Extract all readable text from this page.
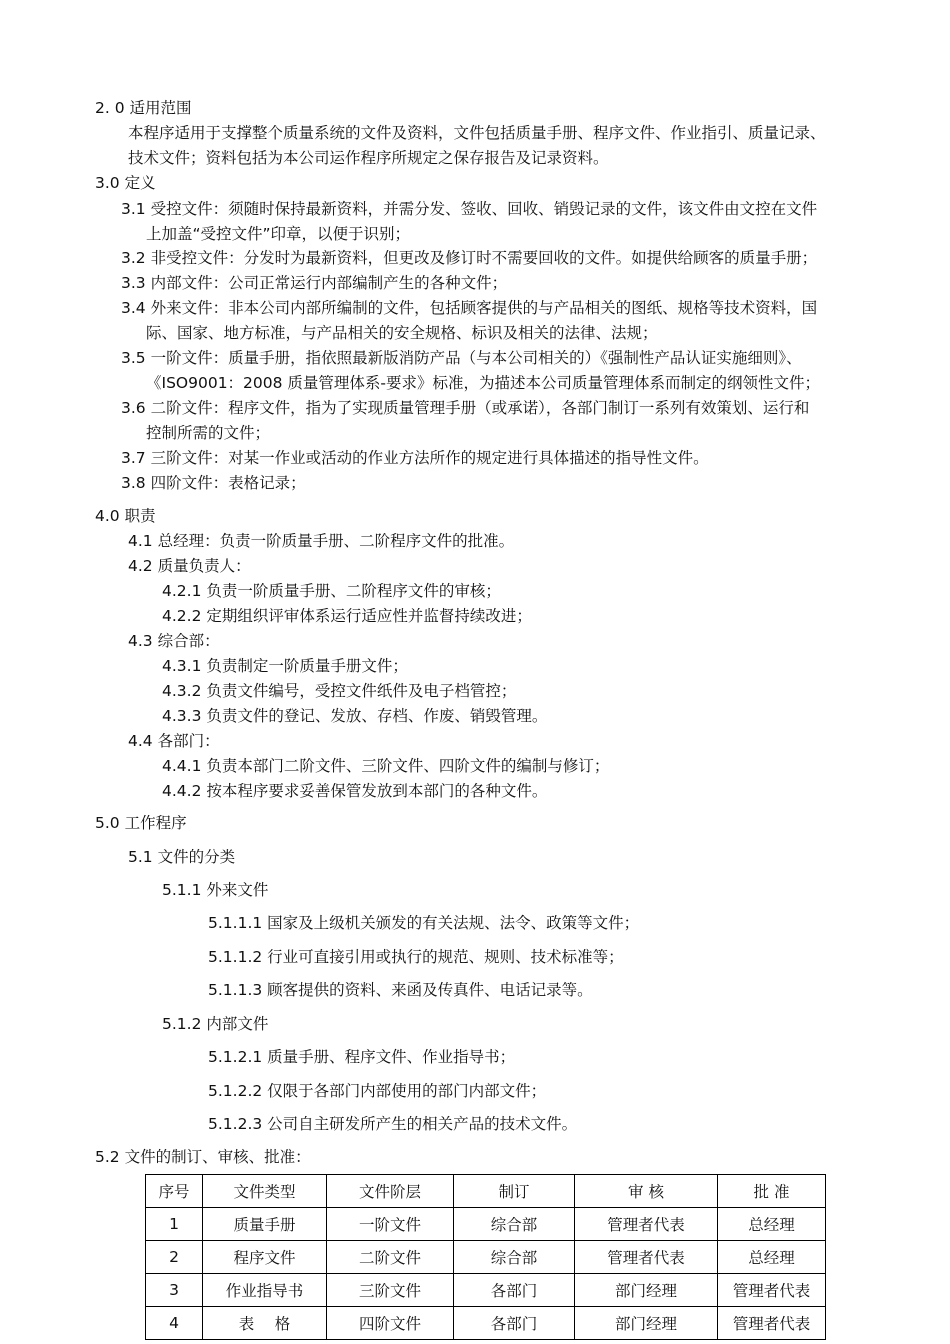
2. 0 适用范围
本程序适用于支撑整个质量系统的文件及资料，文件包括质量手册、程序文件、作业指引、质量记录、
技术文件；资料包括为本公司运作程序所规定之保存报告及记录资料。
3.0 定义
3.1 受控文件：须随时保持最新资料，并需分发、签收、回收、销毁记录的文件，该文件由文控在文件
上加盖“受控文件”印章，以便于识别；
3.2 非受控文件：分发时为最新资料，但更改及修订时不需要回收的文件。如提供给顾客的质量手册；
3.3 内部文件：公司正常运行内部编制产生的各种文件；
3.4 外来文件：非本公司内部所编制的文件，包括顾客提供的与产品相关的图纸、规格等技术资料，国
际、国家、地方标准，与产品相关的安全规格、标识及相关的法律、法规；
3.5 一阶文件：质量手册，指依照最新版消防产品（与本公司相关的）《强制性产品认证实施细则》、
《ISO9001：2008 质量管理体系-要求》标准，为描述本公司质量管理体系而制定的纲领性文件；
3.6 二阶文件：程序文件，指为了实现质量管理手册（或承诺），各部门制订一系列有效策划、运行和
控制所需的文件；
3.7 三阶文件：对某一作业或活动的作业方法所作的规定进行具体描述的指导性文件。
3.8 四阶文件：表格记录；
4.0 职责
4.1 总经理：负责一阶质量手册、二阶程序文件的批准。
4.2 质量负责人：
4.2.1 负责一阶质量手册、二阶程序文件的审核；
4.2.2 定期组织评审体系运行适应性并监督持续改进；
4.3 综合部：
4.3.1 负责制定一阶质量手册文件；
4.3.2 负责文件编号，受控文件纸件及电子档管控；
4.3.3 负责文件的登记、发放、存档、作废、销毁管理。
4.4 各部门：
4.4.1 负责本部门二阶文件、三阶文件、四阶文件的编制与修订；
4.4.2 按本程序要求妥善保管发放到本部门的各种文件。
5.0 工作程序
5.1 文件的分类
5.1.1 外来文件
5.1.1.1 国家及上级机关颁发的有关法规、法令、政策等文件；
5.1.1.2 行业可直接引用或执行的规范、规则、技术标准等；
5.1.1.3 顾客提供的资料、来函及传真件、电话记录等。
5.1.2 内部文件
5.1.2.1 质量手册、程序文件、作业指导书；
5.1.2.2 仅限于各部门内部使用的部门内部文件；
5.1.2.3 公司自主研发所产生的相关产品的技术文件。
5.2 文件的制订、审核、批准：
序号	文件类型	文件阶层	制订	审 核	批 准
1	质量手册	一阶文件	综合部	管理者代表	总经理
2	程序文件	二阶文件	综合部	管理者代表	总经理
3	作业指导书	三阶文件	各部门	部门经理	管理者代表
4	表　 格	四阶文件	各部门	部门经理	管理者代表
